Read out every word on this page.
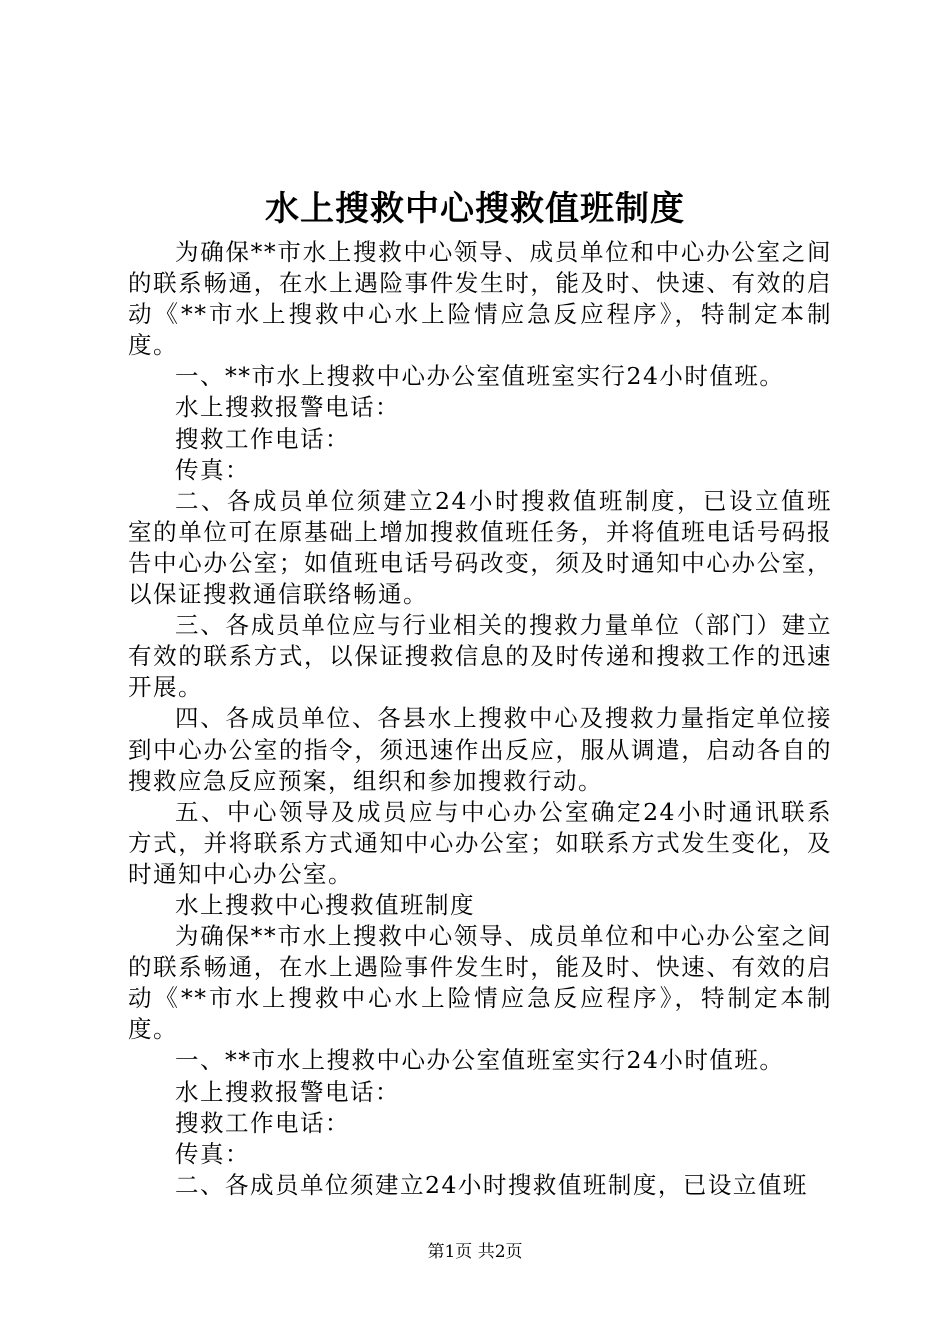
水上搜救中心搜救值班制度

为确保**市水上搜救中心领导、成员单位和中心办公室之间的联系畅通，在水上遇险事件发生时，能及时、快速、有效的启动《**市水上搜救中心水上险情应急反应程序》，特制定本制度。

一、**市水上搜救中心办公室值班室实行24小时值班。

水上搜救报警电话：

搜救工作电话：

传真：

二、各成员单位须建立24小时搜救值班制度，已设立值班室的单位可在原基础上增加搜救值班任务，并将值班电话号码报告中心办公室；如值班电话号码改变，须及时通知中心办公室，以保证搜救通信联络畅通。

三、各成员单位应与行业相关的搜救力量单位（部门）建立有效的联系方式，以保证搜救信息的及时传递和搜救工作的迅速开展。

四、各成员单位、各县水上搜救中心及搜救力量指定单位接到中心办公室的指令，须迅速作出反应，服从调遣，启动各自的搜救应急反应预案，组织和参加搜救行动。

五、中心领导及成员应与中心办公室确定24小时通讯联系方式，并将联系方式通知中心办公室；如联系方式发生变化，及时通知中心办公室。

水上搜救中心搜救值班制度

为确保**市水上搜救中心领导、成员单位和中心办公室之间的联系畅通，在水上遇险事件发生时，能及时、快速、有效的启动《**市水上搜救中心水上险情应急反应程序》，特制定本制度。

一、**市水上搜救中心办公室值班室实行24小时值班。

水上搜救报警电话：

搜救工作电话：

传真：

二、各成员单位须建立24小时搜救值班制度，已设立值班

第1页 共2页
